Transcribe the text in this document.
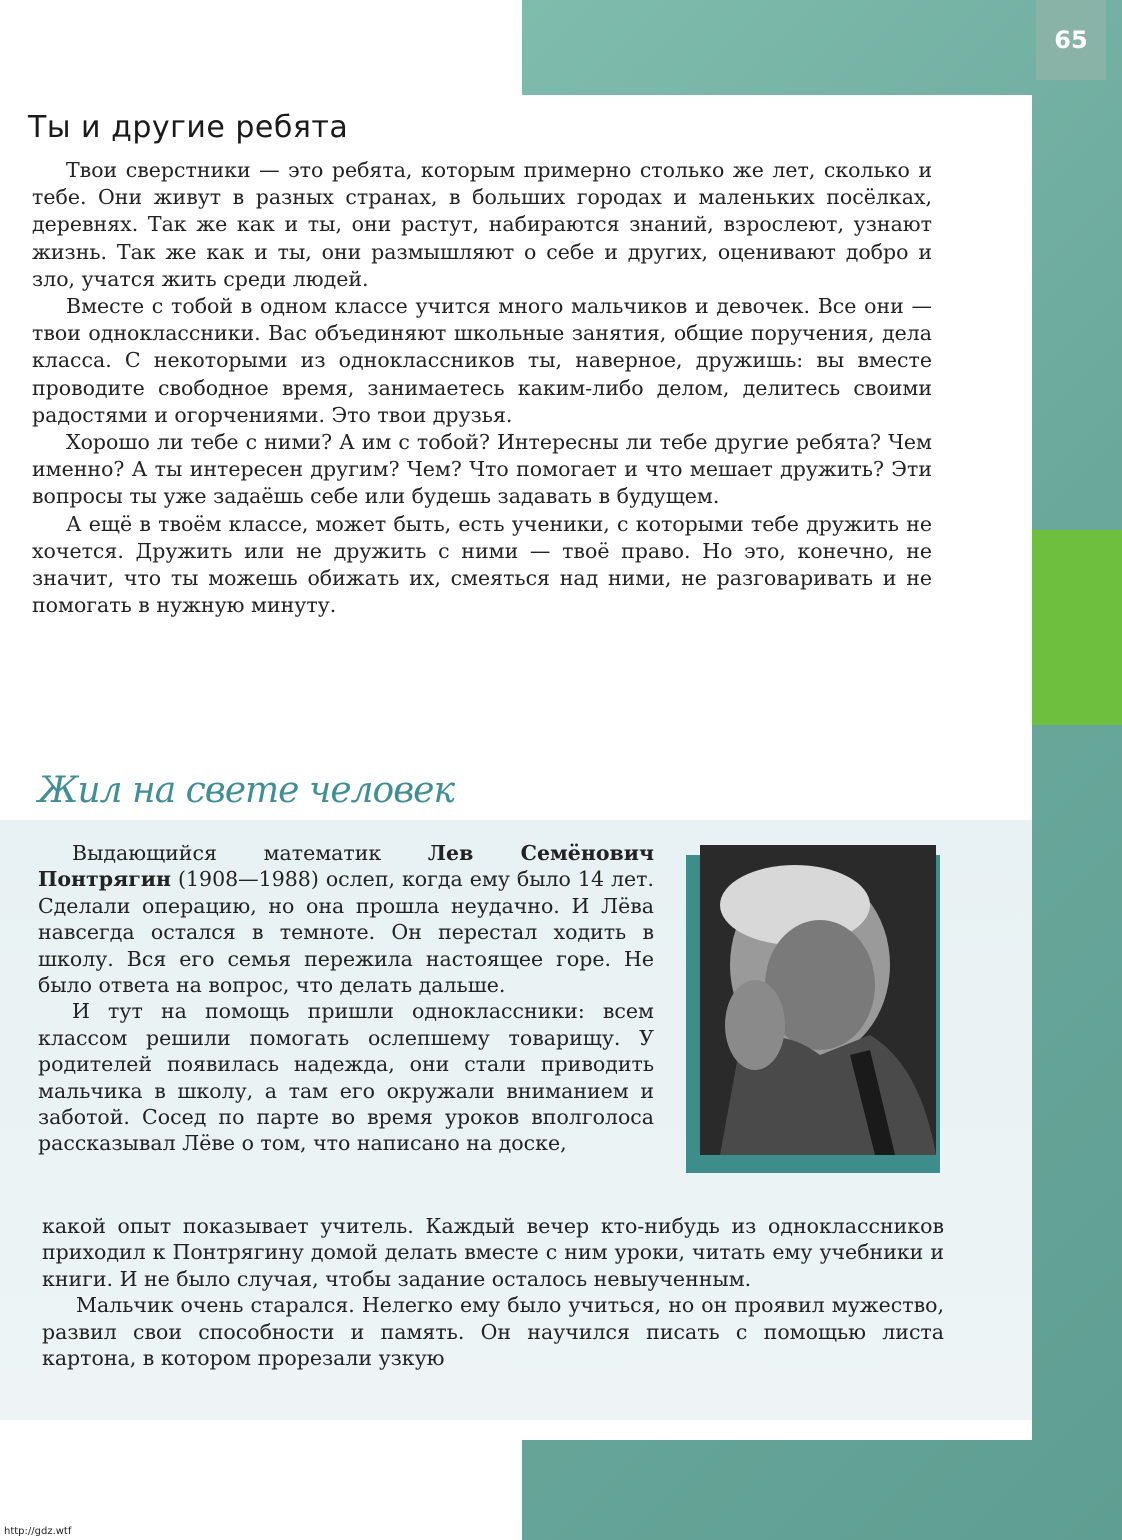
65
Ты и другие ребята

Твои сверстники — это ребята, которым примерно столько же лет, сколько и тебе. Они живут в разных странах, в больших городах и маленьких посёлках, деревнях. Так же как и ты, они растут, набираются знаний, взрослеют, узнают жизнь. Так же как и ты, они размышляют о себе и других, оценивают добро и зло, учатся жить среди людей.

Вместе с тобой в одном классе учится много мальчиков и девочек. Все они — твои одноклассники. Вас объединяют школьные занятия, общие поручения, дела класса. С некоторыми из одноклассников ты, наверное, дружишь: вы вместе проводите свободное время, занимаетесь каким-либо делом, делитесь своими радостями и огорчениями. Это твои друзья.

Хорошо ли тебе с ними? А им с тобой? Интересны ли тебе другие ребята? Чем именно? А ты интересен другим? Чем? Что помогает и что мешает дружить? Эти вопросы ты уже задаёшь себе или будешь задавать в будущем.

А ещё в твоём классе, может быть, есть ученики, с которыми тебе дружить не хочется. Дружить или не дружить с ними — твоё право. Но это, конечно, не значит, что ты можешь обижать их, смеяться над ними, не разговаривать и не помогать в нужную минуту.

Жил на свете человек

Выдающийся математик Лев Семёнович Понтрягин (1908—1988) ослеп, когда ему было 14 лет. Сделали операцию, но она прошла неудачно. И Лёва навсегда остался в темноте. Он перестал ходить в школу. Вся его семья пережила настоящее горе. Не было ответа на вопрос, что делать дальше.

И тут на помощь пришли одноклассники: всем классом решили помогать ослепшему товарищу. У родителей появилась надежда, они стали приводить мальчика в школу, а там его окружали вниманием и заботой. Сосед по парте во время уроков вполголоса рассказывал Лёве о том, что написано на доске,

какой опыт показывает учитель. Каждый вечер кто-нибудь из одноклассников приходил к Понтрягину домой делать вместе с ним уроки, читать ему учебники и книги. И не было случая, чтобы задание осталось невыученным.

Мальчик очень старался. Нелегко ему было учиться, но он проявил мужество, развил свои способности и память. Он научился писать с помощью листа картона, в котором прорезали узкую

http://gdz.wtf
